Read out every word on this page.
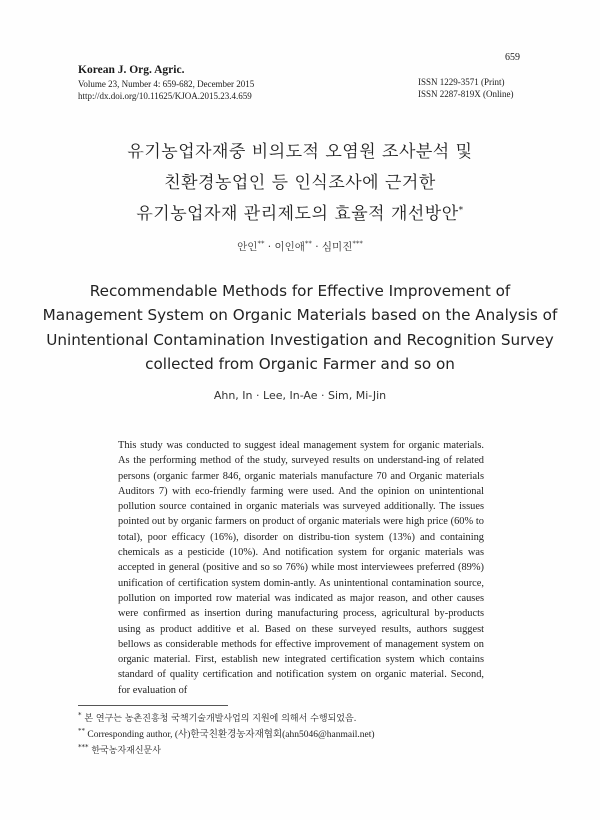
Korean J. Org. Agric.
Volume 23, Number 4: 659-682, December 2015
http://dx.doi.org/10.11625/KJOA.2015.23.4.659
659
ISSN 1229-3571 (Print)
ISSN 2287-819X (Online)
유기농업자재중 비의도적 오염원 조사분석 및
친환경농업인 등 인식조사에 근거한
유기농업자재 관리제도의 효율적 개선방안*
안인** · 이인애** · 심미진***
Recommendable Methods for Effective Improvement of
Management System on Organic Materials based on the Analysis of
Unintentional Contamination Investigation and Recognition Survey
collected from Organic Farmer and so on
Ahn, In · Lee, In-Ae · Sim, Mi-Jin
This study was conducted to suggest ideal management system for organic materials. As the performing method of the study, surveyed results on understand-ing of related persons (organic farmer 846, organic materials manufacture 70 and Organic materials Auditors 7) with eco-friendly farming were used. And the opinion on unintentional pollution source contained in organic materials was surveyed additionally. The issues pointed out by organic farmers on product of organic materials were high price (60% to total), poor efficacy (16%), disorder on distribu-tion system (13%) and containing chemicals as a pesticide (10%). And notification system for organic materials was accepted in general (positive and so so 76%) while most interviewees preferred (89%) unification of certification system domin-antly. As unintentional contamination source, pollution on imported row material was indicated as major reason, and other causes were confirmed as insertion during manufacturing process, agricultural by-products using as product additive et al. Based on these surveyed results, authors suggest bellows as considerable methods for effective improvement of management system on organic material. First, establish new integrated certification system which contains standard of quality certification and notification system on organic material. Second, for evaluation of
* 본 연구는 농촌진흥청 국책기술개발사업의 지원에 의해서 수행되었음.
** Corresponding author, (사)한국친환경농자재협회(ahn5046@hanmail.net)
*** 한국농자재신문사
